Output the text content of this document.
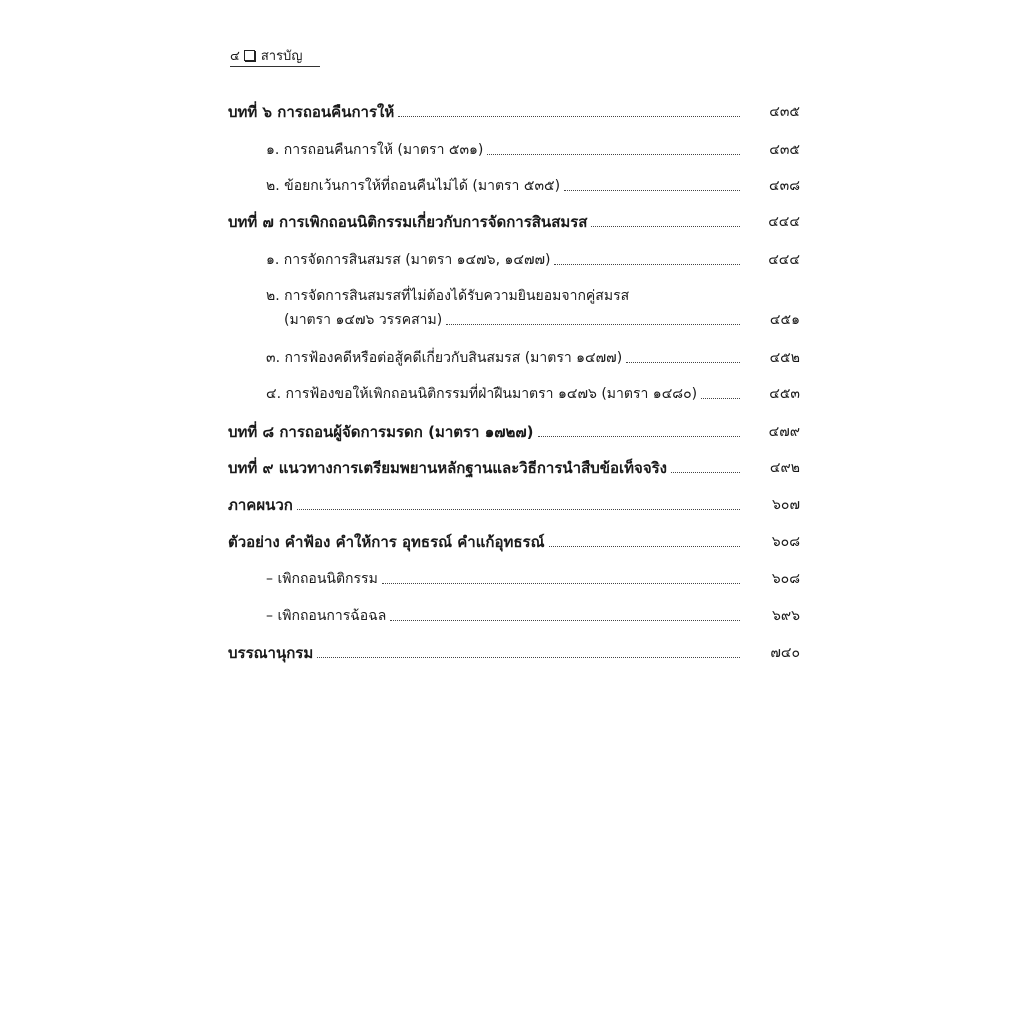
๔ สารบัญ
บทที่ ๖ การถอนคืนการให้	๔๓๕
๑. การถอนคืนการให้ (มาตรา ๕๓๑)	๔๓๕
๒. ข้อยกเว้นการให้ที่ถอนคืนไม่ได้ (มาตรา ๕๓๕)	๔๓๘
บทที่ ๗ การเพิกถอนนิติกรรมเกี่ยวกับการจัดการสินสมรส	๔๔๔
๑. การจัดการสินสมรส (มาตรา ๑๔๗๖, ๑๔๗๗)	๔๔๔
๒. การจัดการสินสมรสที่ไม่ต้องได้รับความยินยอมจากคู่สมรส
(มาตรา ๑๔๗๖ วรรคสาม)	๔๕๑
๓. การฟ้องคดีหรือต่อสู้คดีเกี่ยวกับสินสมรส (มาตรา ๑๔๗๗)	๔๕๒
๔. การฟ้องขอให้เพิกถอนนิติกรรมที่ฝ่าฝืนมาตรา ๑๔๗๖ (มาตรา ๑๔๘๐)	๔๕๓
บทที่ ๘ การถอนผู้จัดการมรดก (มาตรา ๑๗๒๗)	๔๗๙
บทที่ ๙ แนวทางการเตรียมพยานหลักฐานและวิธีการนำสืบข้อเท็จจริง	๔๙๒
ภาคผนวก	๖๐๗
ตัวอย่าง คำฟ้อง คำให้การ อุทธรณ์ คำแก้อุทธรณ์	๖๐๘
– เพิกถอนนิติกรรม	๖๐๘
– เพิกถอนการฉ้อฉล	๖๙๖
บรรณานุกรม	๗๔๐
